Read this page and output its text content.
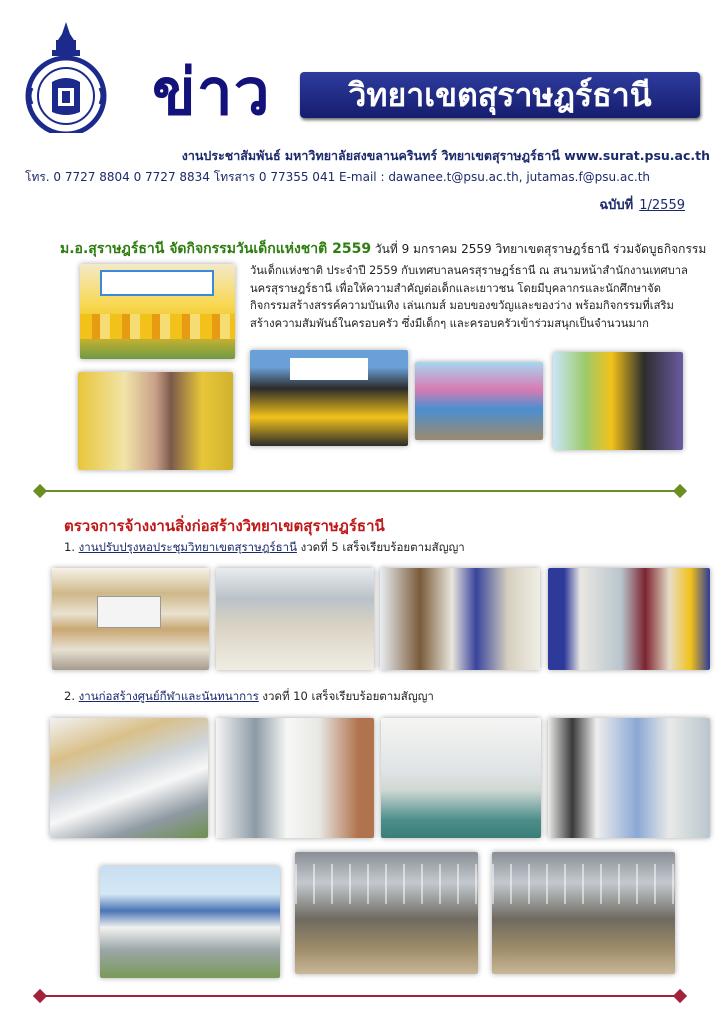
ข่าว	วิทยาเขตสุราษฎร์ธานี
งานประชาสัมพันธ์ มหาวิทยาลัยสงขลานครินทร์ วิทยาเขตสุราษฎร์ธานี www.surat.psu.ac.th
โทร. 0 7727 8804 0 7727 8834 โทรสาร 0 77355 041 E-mail : dawanee.t@psu.ac.th, jutamas.f@psu.ac.th
ฉบับที่ 1/2559
ม.อ.สุราษฎร์ธานี จัดกิจกรรมวันเด็กแห่งชาติ 2559 วันที่ 9 มกราคม 2559 วิทยาเขตสุราษฎร์ธานี ร่วมจัดบูธกิจกรรม
วันเด็กแห่งชาติ ประจำปี 2559 กับเทศบาลนครสุราษฎร์ธานี ณ สนามหน้าสำนักงานเทศบาลนครสุราษฎร์ธานี เพื่อให้ความสำคัญต่อเด็กและเยาวชน โดยมีบุคลากรและนักศึกษาจัดกิจกรรมสร้างสรรค์ความบันเทิง เล่นเกมส์ มอบของขวัญและของว่าง พร้อมกิจกรรมที่เสริมสร้างความสัมพันธ์ในครอบครัว ซึ่งมีเด็กๆ และครอบครัวเข้าร่วมสนุกเป็นจำนวนมาก
ตรวจการจ้างงานสิ่งก่อสร้างวิทยาเขตสุราษฎร์ธานี
1. งานปรับปรุงหอประชุมวิทยาเขตสุราษฎร์ธานี งวดที่ 5 เสร็จเรียบร้อยตามสัญญา
2. งานก่อสร้างศูนย์กีฬาและนันทนาการ งวดที่ 10 เสร็จเรียบร้อยตามสัญญา
